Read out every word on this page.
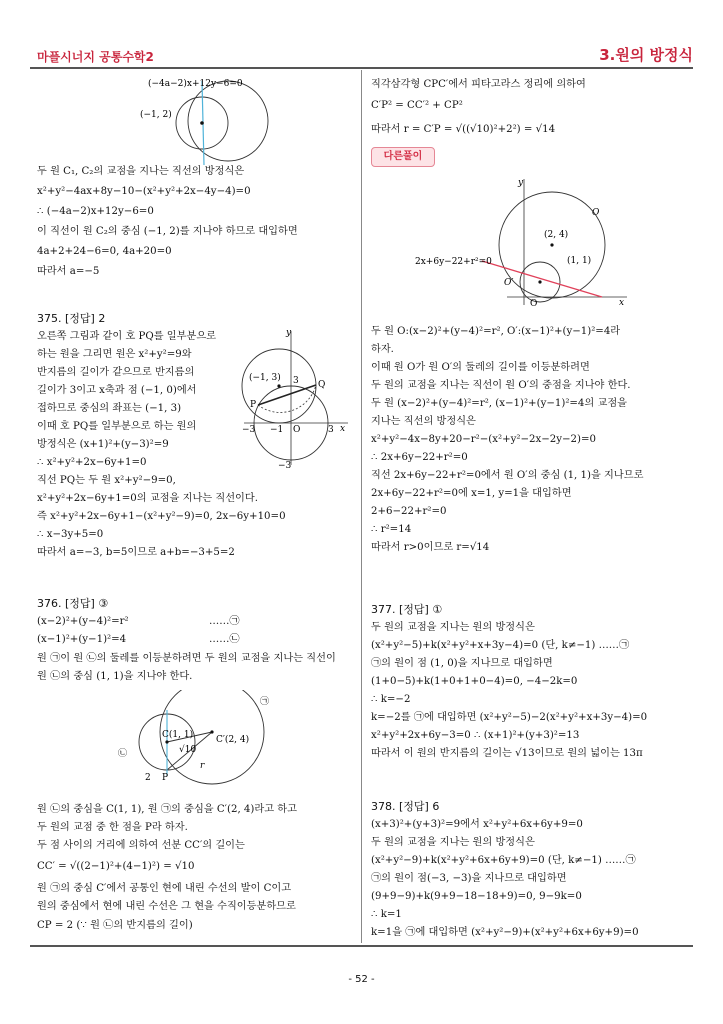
마플시너지 공통수학2	3.원의 방정식
(−4a−2)x+12y−6=0
(−1, 2)
두 원 C₁, C₂의 교점을 지나는 직선의 방정식은
x²+y²−4ax+8y−10−(x²+y²+2x−4y−4)=0
∴ (−4a−2)x+12y−6=0
이 직선이 원 C₂의 중심 (−1, 2)를 지나야 하므로 대입하면
4a+2+24−6=0, 4a+20=0
따라서 a=−5
375. [정답] 2
오른쪽 그림과 같이 호 PQ를 일부분으로
하는 원을 그리면 원은 x²+y²=9와
반지름의 길이가 같으므로 반지름의
길이가 3이고 x축과 점 (−1, 0)에서
접하므로 중심의 좌표는 (−1, 3)
이때 호 PQ를 일부분으로 하는 원의
방정식은 (x+1)²+(y−3)²=9
∴ x²+y²+2x−6y+1=0
직선 PQ는 두 원 x²+y²−9=0,
x²+y²+2x−6y+1=0의 교점을 지나는 직선이다.
즉 x²+y²+2x−6y+1−(x²+y²−9)=0, 2x−6y+10=0
∴ x−3y+5=0
따라서 a=−3, b=5이므로 a+b=−3+5=2
y
x
O
(−1, 3)
P
Q
3
−3 −1	3
−3
376. [정답] ③
(x−2)²+(y−4)²=r²	……㉠
(x−1)²+(y−1)²=4	……㉡
원 ㉠이 원 ㉡의 둘레를 이등분하려면 두 원의 교점을 지나는 직선이
원 ㉡의 중심 (1, 1)을 지나야 한다.
㉠
㉡
C(1, 1)	C′(2, 4)
√10
2
r
P
원 ㉡의 중심을 C(1, 1), 원 ㉠의 중심을 C′(2, 4)라고 하고
두 원의 교점 중 한 점을 P라 하자.
두 점 사이의 거리에 의하여 선분 CC′의 길이는
CC′ = √((2−1)²+(4−1)²) = √10
원 ㉠의 중심 C′에서 공통인 현에 내린 수선의 발이 C이고
원의 중심에서 현에 내린 수선은 그 현을 수직이등분하므로
CP = 2 (∵ 원 ㉡의 반지름의 길이)
직각삼각형 CPC′에서 피타고라스 정리에 의하여
C′P² = CC′² + CP²
따라서 r = C′P = √((√10)²+2²) = √14
다른풀이
y
O
(2, 4)
(1, 1)
2x+6y−22+r²=0
O′
x
O
두 원 O:(x−2)²+(y−4)²=r², O′:(x−1)²+(y−1)²=4라
하자.
이때 원 O가 원 O′의 둘레의 길이를 이등분하려면
두 원의 교점을 지나는 직선이 원 O′의 중점을 지나야 한다.
두 원 (x−2)²+(y−4)²=r², (x−1)²+(y−1)²=4의 교점을
지나는 직선의 방정식은
x²+y²−4x−8y+20−r²−(x²+y²−2x−2y−2)=0
∴ 2x+6y−22+r²=0
직선 2x+6y−22+r²=0에서 원 O′의 중심 (1, 1)을 지나므로
2x+6y−22+r²=0에 x=1, y=1을 대입하면
2+6−22+r²=0
∴ r²=14
따라서 r>0이므로 r=√14
377. [정답] ①
두 원의 교점을 지나는 원의 방정식은
(x²+y²−5)+k(x²+y²+x+3y−4)=0 (단, k≠−1) ……㉠
㉠의 원이 점 (1, 0)을 지나므로 대입하면
(1+0−5)+k(1+0+1+0−4)=0, −4−2k=0
∴ k=−2
k=−2를 ㉠에 대입하면 (x²+y²−5)−2(x²+y²+x+3y−4)=0
x²+y²+2x+6y−3=0 ∴ (x+1)²+(y+3)²=13
따라서 이 원의 반지름의 길이는 √13이므로 원의 넓이는 13π
378. [정답] 6
(x+3)²+(y+3)²=9에서 x²+y²+6x+6y+9=0
두 원의 교점을 지나는 원의 방정식은
(x²+y²−9)+k(x²+y²+6x+6y+9)=0 (단, k≠−1) ……㉠
㉠의 원이 점(−3, −3)을 지나므로 대입하면
(9+9−9)+k(9+9−18−18+9)=0, 9−9k=0
∴ k=1
k=1을 ㉠에 대입하면 (x²+y²−9)+(x²+y²+6x+6y+9)=0
- 52 -
